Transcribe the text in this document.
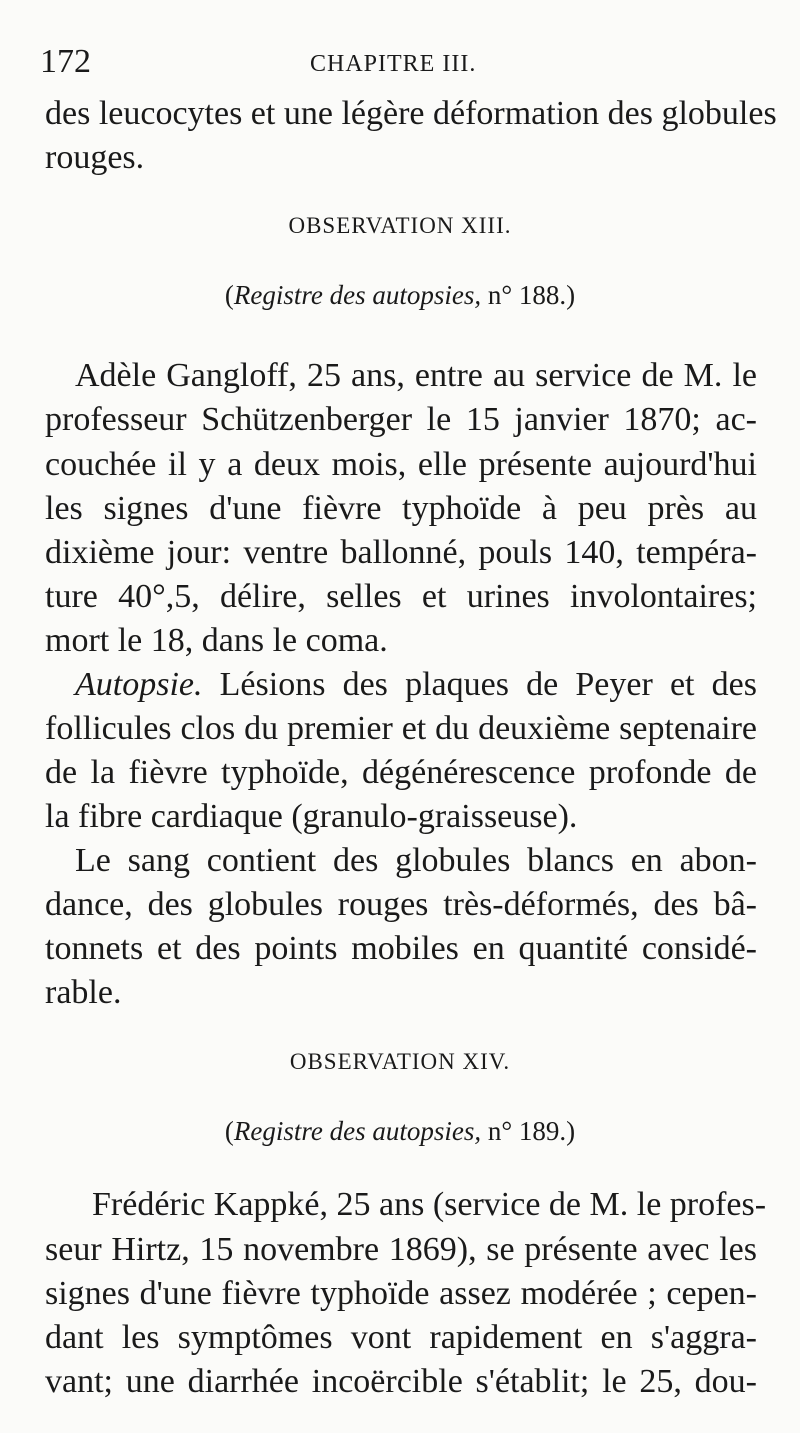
172	CHAPITRE III.
des leucocytes et une légère déformation des globules
rouges.
OBSERVATION XIII.
(Registre des autopsies, n° 188.)
Adèle Gangloff, 25 ans, entre au service de M. le
professeur Schützenberger le 15 janvier 1870; ac-
couchée il y a deux mois, elle présente aujourd'hui
les signes d'une fièvre typhoïde à peu près au
dixième jour: ventre ballonné, pouls 140, tempéra-
ture 40°,5, délire, selles et urines involontaires;
mort le 18, dans le coma.
Autopsie. Lésions des plaques de Peyer et des
follicules clos du premier et du deuxième septenaire
de la fièvre typhoïde, dégénérescence profonde de
la fibre cardiaque (granulo-graisseuse).
Le sang contient des globules blancs en abon-
dance, des globules rouges très-déformés, des bâ-
tonnets et des points mobiles en quantité considé-
rable.
OBSERVATION XIV.
(Registre des autopsies, n° 189.)
Frédéric Kappké, 25 ans (service de M. le profes-
seur Hirtz, 15 novembre 1869), se présente avec les
signes d'une fièvre typhoïde assez modérée ; cepen-
dant les symptômes vont rapidement en s'aggra-
vant; une diarrhée incoërcible s'établit; le 25, dou-
